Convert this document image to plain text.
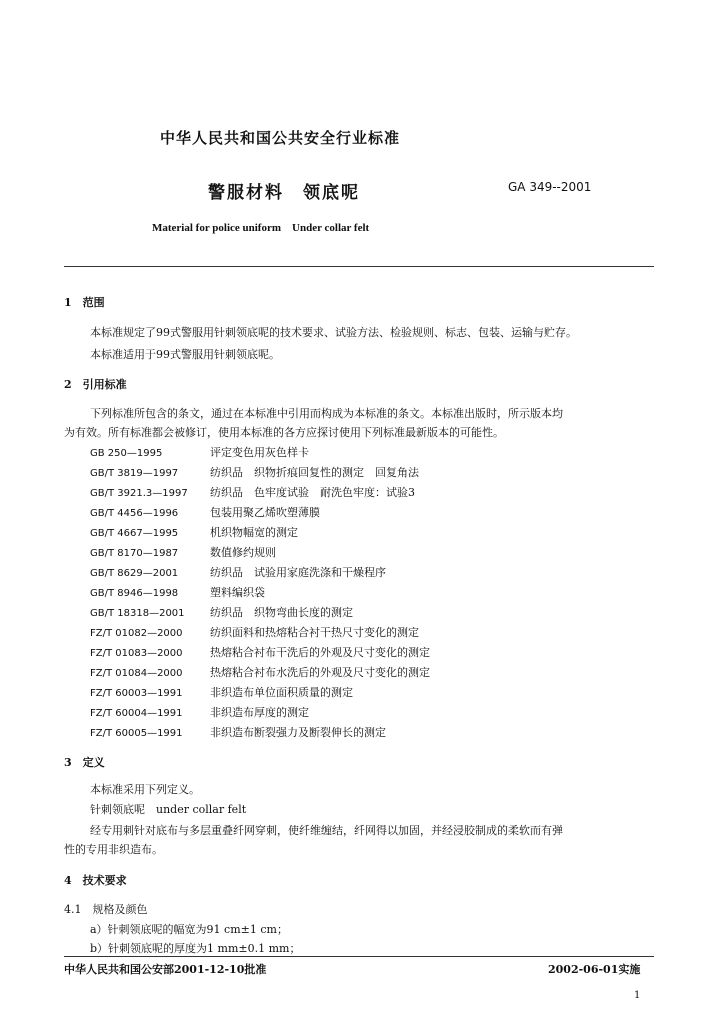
中华人民共和国公共安全行业标准
警服材料　领底呢	GA 349--2001
Material for police uniform　Under collar felt
1　范围
本标准规定了99式警服用针刺领底呢的技术要求、试验方法、检验规则、标志、包装、运输与贮存。
本标准适用于99式警服用针刺领底呢。
2　引用标准
下列标准所包含的条文，通过在本标准中引用而构成为本标准的条文。本标准出版时，所示版本均
为有效。所有标准都会被修订，使用本标准的各方应探讨使用下列标准最新版本的可能性。
GB 250—1995	评定变色用灰色样卡
GB/T 3819—1997	纺织品　织物折痕回复性的测定　回复角法
GB/T 3921.3—1997 纺织品　色牢度试验　耐洗色牢度：试验3
GB/T 4456—1996	包装用聚乙烯吹塑薄膜
GB/T 4667—1995	机织物幅宽的测定
GB/T 8170—1987	数值修约规则
GB/T 8629—2001	纺织品　试验用家庭洗涤和干燥程序
GB/T 8946—1998	塑料编织袋
GB/T 18318—2001 纺织品　织物弯曲长度的测定
FZ/T 01082—2000 纺织面料和热熔粘合衬干热尺寸变化的测定
FZ/T 01083—2000 热熔粘合衬布干洗后的外观及尺寸变化的测定
FZ/T 01084—2000 热熔粘合衬布水洗后的外观及尺寸变化的测定
FZ/T 60003—1991 非织造布单位面积质量的测定
FZ/T 60004—1991 非织造布厚度的测定
FZ/T 60005—1991 非织造布断裂强力及断裂伸长的测定
3　定义
本标准采用下列定义。
针刺领底呢　under collar felt
经专用刺针对底布与多层重叠纤网穿刺，使纤维缠结，纤网得以加固，并经浸胶制成的柔软而有弹
性的专用非织造布。
4　技术要求
4.1　规格及颜色
a）针刺领底呢的幅宽为91 cm±1 cm；
b）针刺领底呢的厚度为1 mm±0.1 mm；
中华人民共和国公安部2001-12-10批准	2002-06-01实施
1
